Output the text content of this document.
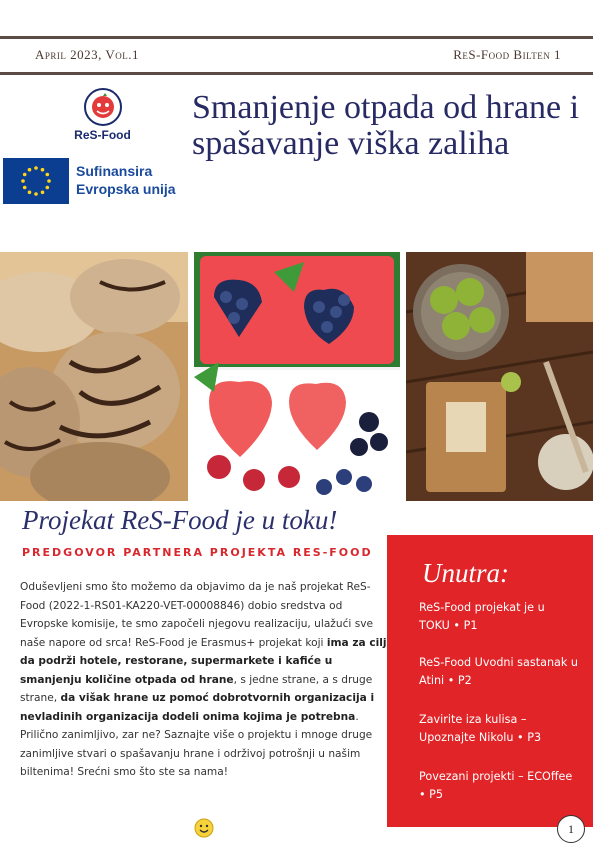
April 2023, Vol.1	ReS-Food Bilten 1
ReS-Food
Sufinansira
Evropska unija
Smanjenje otpada od hrane i spašavanje viška zaliha
Projekat ReS-Food je u toku!
PREDGOVOR PARTNERA PROJEKTA RES-FOOD
Oduševljeni smo što možemo da objavimo da je naš projekat ReS-Food (2022-1-RS01-KA220-VET-00008846) dobio sredstva od Evropske komisije, te smo započeli njegovu realizaciju, ulažući sve naše napore od srca! ReS-Food je Erasmus+ projekat koji ima za cilj da podrži hotele, restorane, supermarkete i kafiće u smanjenju količine otpada od hrane, s jedne strane, a s druge strane, da višak hrane uz pomoć dobrotvornih organizacija i nevladinih organizacija dodeli onima kojima je potrebna. Prilično zanimljivo, zar ne? Saznajte više o projektu i mnoge druge zanimljive stvari o spašavanju hrane i održivoj potrošnji u našim biltenima! Srećni smo što ste sa nama!
Unutra:
ReS-Food projekat je u TOKU • P1
ReS-Food Uvodni sastanak u Atini • P2
Zavirite iza kulisa – Upoznajte Nikolu • P3
Povezani projekti – ECOffee • P5
1
